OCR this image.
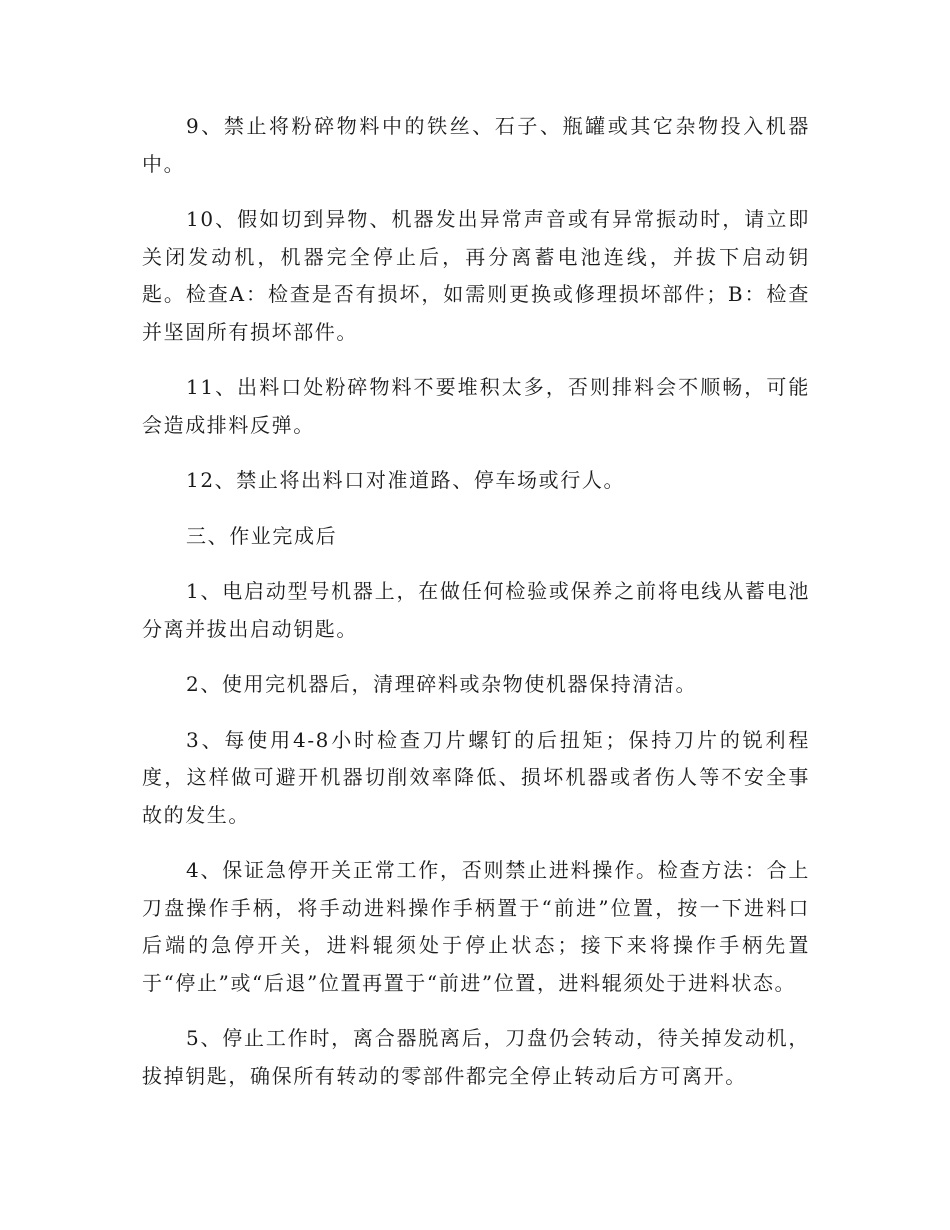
9、禁止将粉碎物料中的铁丝、石子、瓶罐或其它杂物投入机器中。

10、假如切到异物、机器发出异常声音或有异常振动时，请立即关闭发动机，机器完全停止后，再分离蓄电池连线，并拔下启动钥匙。检查A：检查是否有损坏，如需则更换或修理损坏部件；B：检查并坚固所有损坏部件。

11、出料口处粉碎物料不要堆积太多，否则排料会不顺畅，可能会造成排料反弹。

12、禁止将出料口对准道路、停车场或行人。

三、作业完成后

1、电启动型号机器上，在做任何检验或保养之前将电线从蓄电池分离并拔出启动钥匙。

2、使用完机器后，清理碎料或杂物使机器保持清洁。

3、每使用4-8小时检查刀片螺钉的后扭矩；保持刀片的锐利程度，这样做可避开机器切削效率降低、损坏机器或者伤人等不安全事故的发生。

4、保证急停开关正常工作，否则禁止进料操作。检查方法：合上刀盘操作手柄，将手动进料操作手柄置于“前进”位置，按一下进料口后端的急停开关，进料辊须处于停止状态；接下来将操作手柄先置于“停止”或“后退”位置再置于“前进”位置，进料辊须处于进料状态。

5、停止工作时，离合器脱离后，刀盘仍会转动，待关掉发动机，拔掉钥匙，确保所有转动的零部件都完全停止转动后方可离开。
